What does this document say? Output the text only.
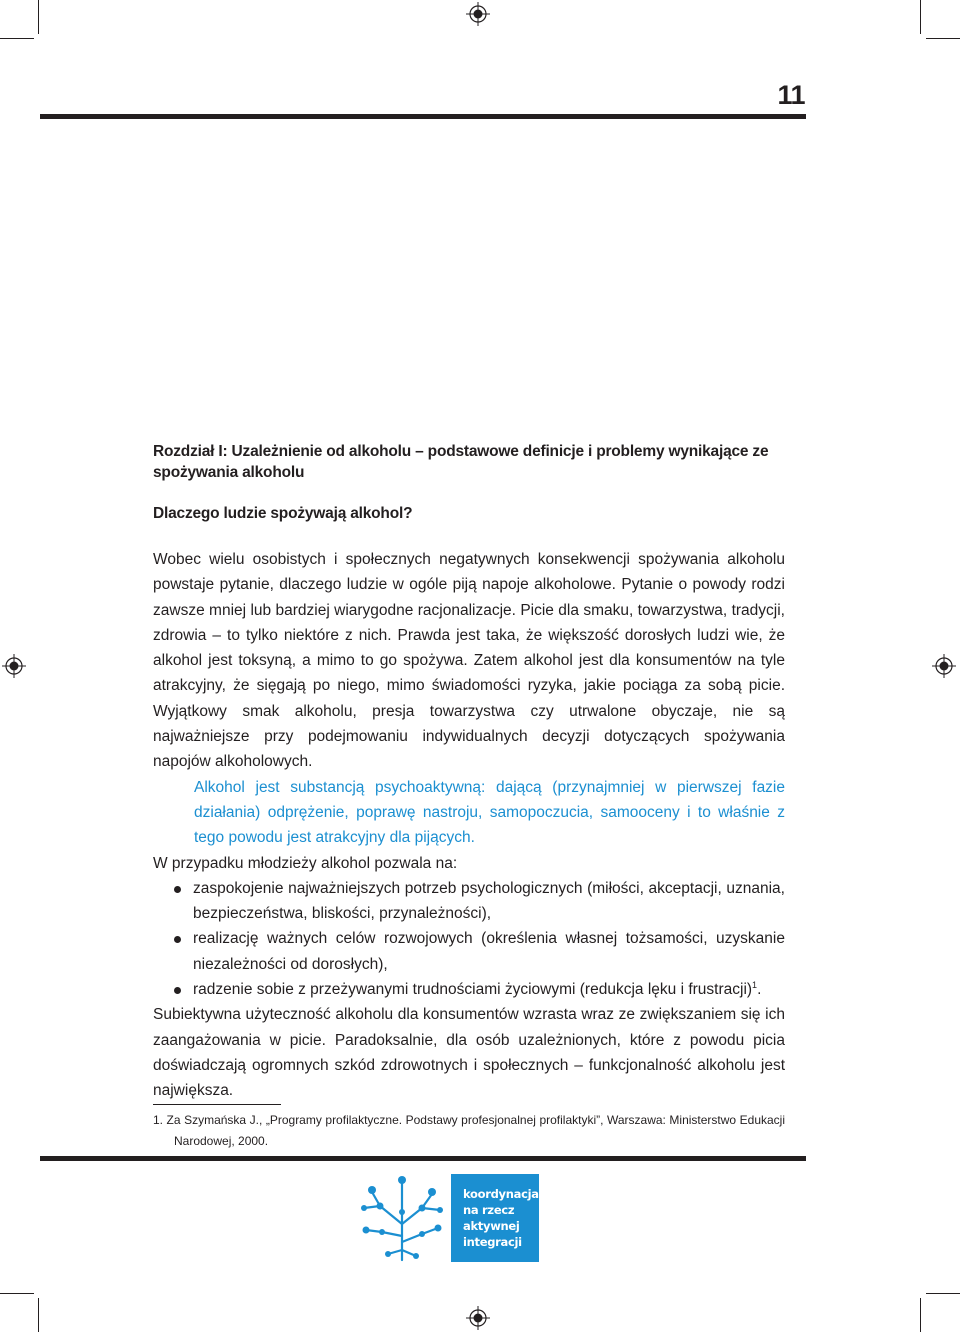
11

Rozdział I: Uzależnienie od alkoholu – podstawowe definicje i problemy wynikające ze spożywania alkoholu

Dlaczego ludzie spożywają alkohol?

Wobec wielu osobistych i społecznych negatywnych konsekwencji spożywania alkoholu powstaje pytanie, dlaczego ludzie w ogóle piją napoje alkoholowe. Pytanie o powody rodzi zawsze mniej lub bardziej wiarygodne racjonalizacje. Picie dla smaku, towarzystwa, tradycji, zdrowia – to tylko niektóre z nich. Prawda jest taka, że większość dorosłych ludzi wie, że alkohol jest toksyną, a mimo to go spożywa. Zatem alkohol jest dla konsumentów na tyle atrakcyjny, że sięgają po niego, mimo świadomości ryzyka, jakie pociąga za sobą picie. Wyjątkowy smak alkoholu, presja towarzystwa czy utrwalone obyczaje, nie są najważniejsze przy podejmowaniu indywidualnych decyzji dotyczących spożywania napojów alkoholowych.

Alkohol jest substancją psychoaktywną: dającą (przynajmniej w pierwszej fazie działania) odprężenie, poprawę nastroju, samopoczucia, samooceny i to właśnie z tego powodu jest atrakcyjny dla pijących.

W przypadku młodzieży alkohol pozwala na:

zaspokojenie najważniejszych potrzeb psychologicznych (miłości, akceptacji, uznania, bezpieczeństwa, bliskości, przynależności),
realizację ważnych celów rozwojowych (określenia własnej tożsamości, uzyskanie niezależności od dorosłych),
radzenie sobie z przeżywanymi trudnościami życiowymi (redukcja lęku i frustracji)$^1$.

Subiektywna użyteczność alkoholu dla konsumentów wzrasta wraz ze zwiększaniem się ich zaangażowania w picie. Paradoksalnie, dla osób uzależnionych, które z powodu picia doświadczają ogromnych szkód zdrowotnych i społecznych – funkcjonalność alkoholu jest największa.

1. Za Szymańska J., „Programy profilaktyczne. Podstawy profesjonalnej profilaktyki”, Warszawa: Ministerstwo Edukacji Narodowej, 2000.
koordynacja
na rzecz
aktywnej
integracji
